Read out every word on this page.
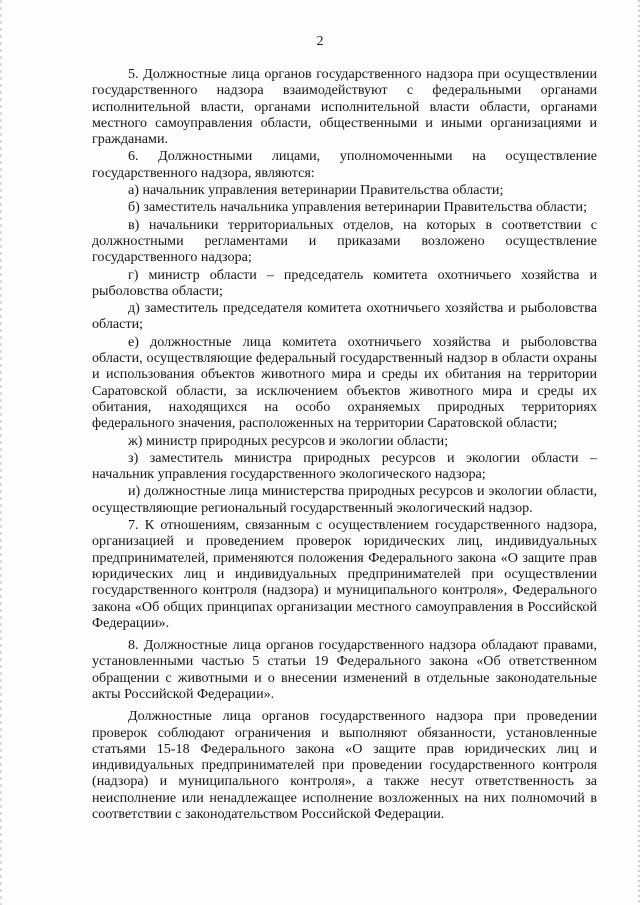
2

5. Должностные лица органов государственного надзора при осуществлении государственного надзора взаимодействуют с федеральными органами исполнительной власти, органами исполнительной власти области, органами местного самоуправления области, общественными и иными организациями и гражданами.

6. Должностными лицами, уполномоченными на осуществление государственного надзора, являются:

а) начальник управления ветеринарии Правительства области;

б) заместитель начальника управления ветеринарии Правительства области;

в) начальники территориальных отделов, на которых в соответствии с должностными регламентами и приказами возложено осуществление государственного надзора;

г) министр области – председатель комитета охотничьего хозяйства и рыболовства области;

д) заместитель председателя комитета охотничьего хозяйства и рыболовства области;

е) должностные лица комитета охотничьего хозяйства и рыболовства области, осуществляющие федеральный государственный надзор в области охраны и использования объектов животного мира и среды их обитания на территории Саратовской области, за исключением объектов животного мира и среды их обитания, находящихся на особо охраняемых природных территориях федерального значения, расположенных на территории Саратовской области;

ж) министр природных ресурсов и экологии области;

з) заместитель министра природных ресурсов и экологии области – начальник управления государственного экологического надзора;

и) должностные лица министерства природных ресурсов и экологии области, осуществляющие региональный государственный экологический надзор.

7. К отношениям, связанным с осуществлением государственного надзора, организацией и проведением проверок юридических лиц, индивидуальных предпринимателей, применяются положения Федерального закона «О защите прав юридических лиц и индивидуальных предпринимателей при осуществлении государственного контроля (надзора) и муниципального контроля», Федерального закона «Об общих принципах организации местного самоуправления в Российской Федерации».

8. Должностные лица органов государственного надзора обладают правами, установленными частью 5 статьи 19 Федерального закона «Об ответственном обращении с животными и о внесении изменений в отдельные законодательные акты Российской Федерации».

Должностные лица органов государственного надзора при проведении проверок соблюдают ограничения и выполняют обязанности, установленные статьями 15-18 Федерального закона «О защите прав юридических лиц и индивидуальных предпринимателей при проведении государственного контроля (надзора) и муниципального контроля», а также несут ответственность за неисполнение или ненадлежащее исполнение возложенных на них полномочий в соответствии с законодательством Российской Федерации.
